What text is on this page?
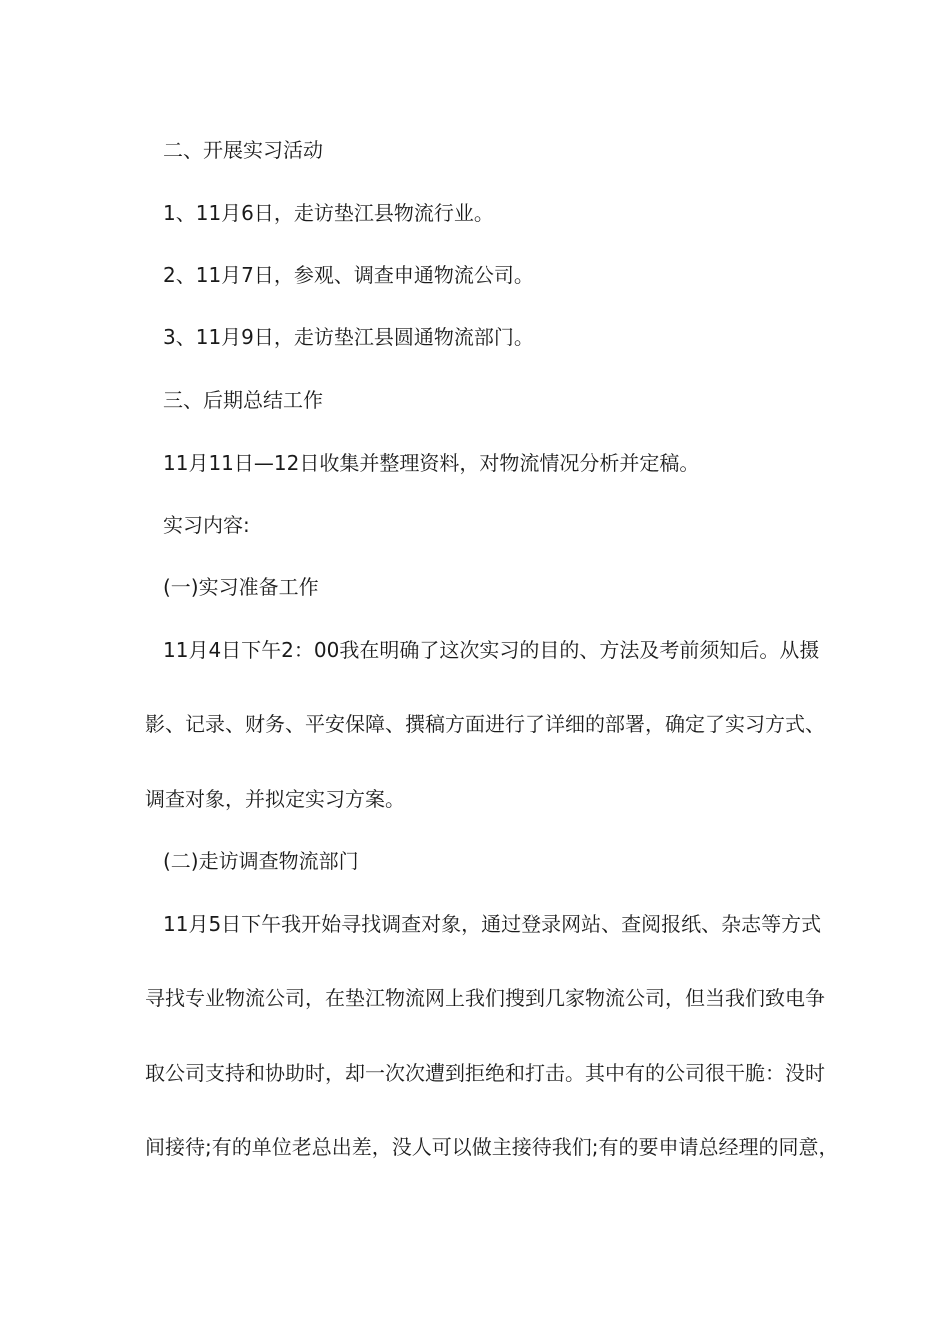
二、开展实习活动

1、11月6日，走访垫江县物流行业。

2、11月7日，参观、调查申通物流公司。

3、11月9日，走访垫江县圆通物流部门。

三、后期总结工作

11月11日—12日收集并整理资料，对物流情况分析并定稿。

实习内容:

(一)实习准备工作

11月4日下午2：00我在明确了这次实习的目的、方法及考前须知后。从摄

影、记录、财务、平安保障、撰稿方面进行了详细的部署，确定了实习方式、

调查对象，并拟定实习方案。

(二)走访调查物流部门

11月5日下午我开始寻找调查对象，通过登录网站、查阅报纸、杂志等方式

寻找专业物流公司，在垫江物流网上我们搜到几家物流公司，但当我们致电争

取公司支持和协助时，却一次次遭到拒绝和打击。其中有的公司很干脆：没时

间接待;有的单位老总出差，没人可以做主接待我们;有的要申请总经理的同意，
